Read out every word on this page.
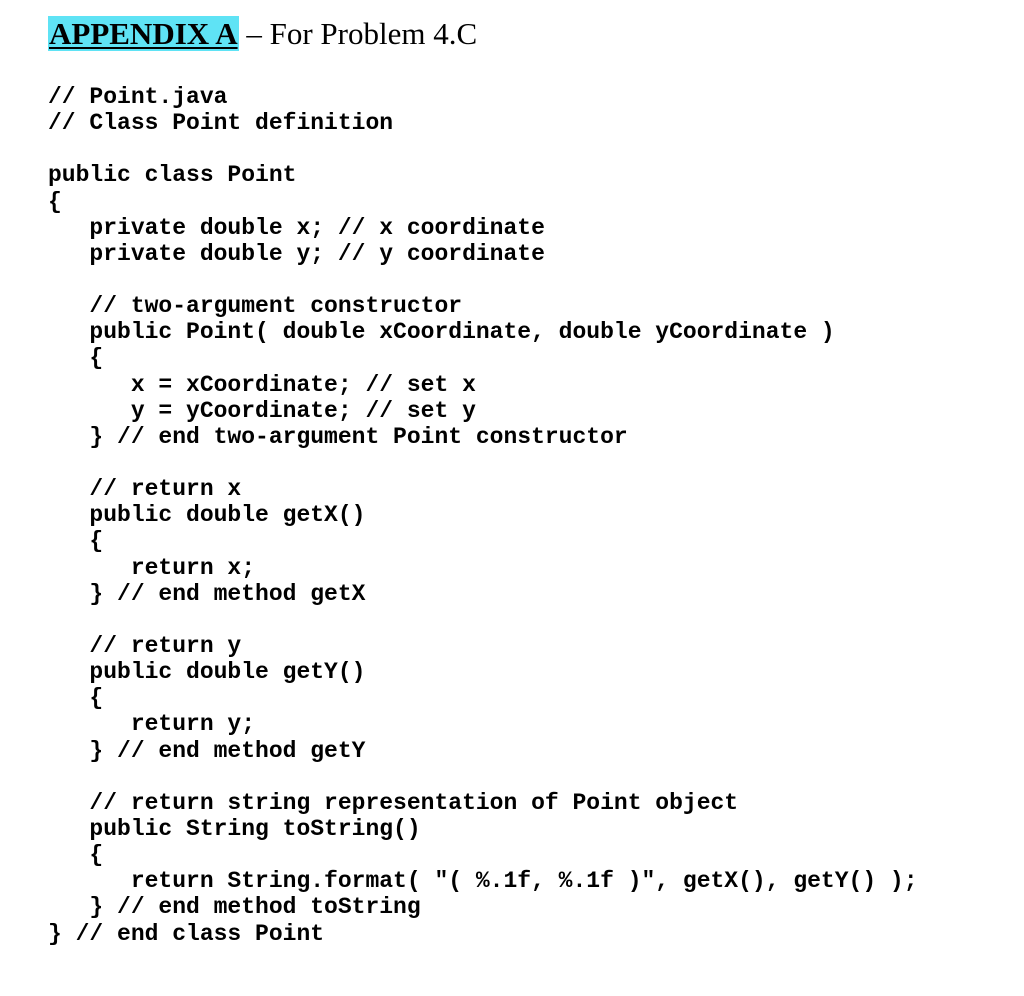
APPENDIX A – For Problem 4.C
// Point.java
// Class Point definition
public class Point
{
private double x; // x coordinate
private double y; // y coordinate
// two-argument constructor
public Point( double xCoordinate, double yCoordinate )
{
x = xCoordinate; // set x
y = yCoordinate; // set y
} // end two-argument Point constructor
// return x
public double getX()
{
return x;
} // end method getX
// return y
public double getY()
{
return y;
} // end method getY
// return string representation of Point object
public String toString()
{
return String.format( "( %.1f, %.1f )", getX(), getY() );
} // end method toString
} // end class Point
